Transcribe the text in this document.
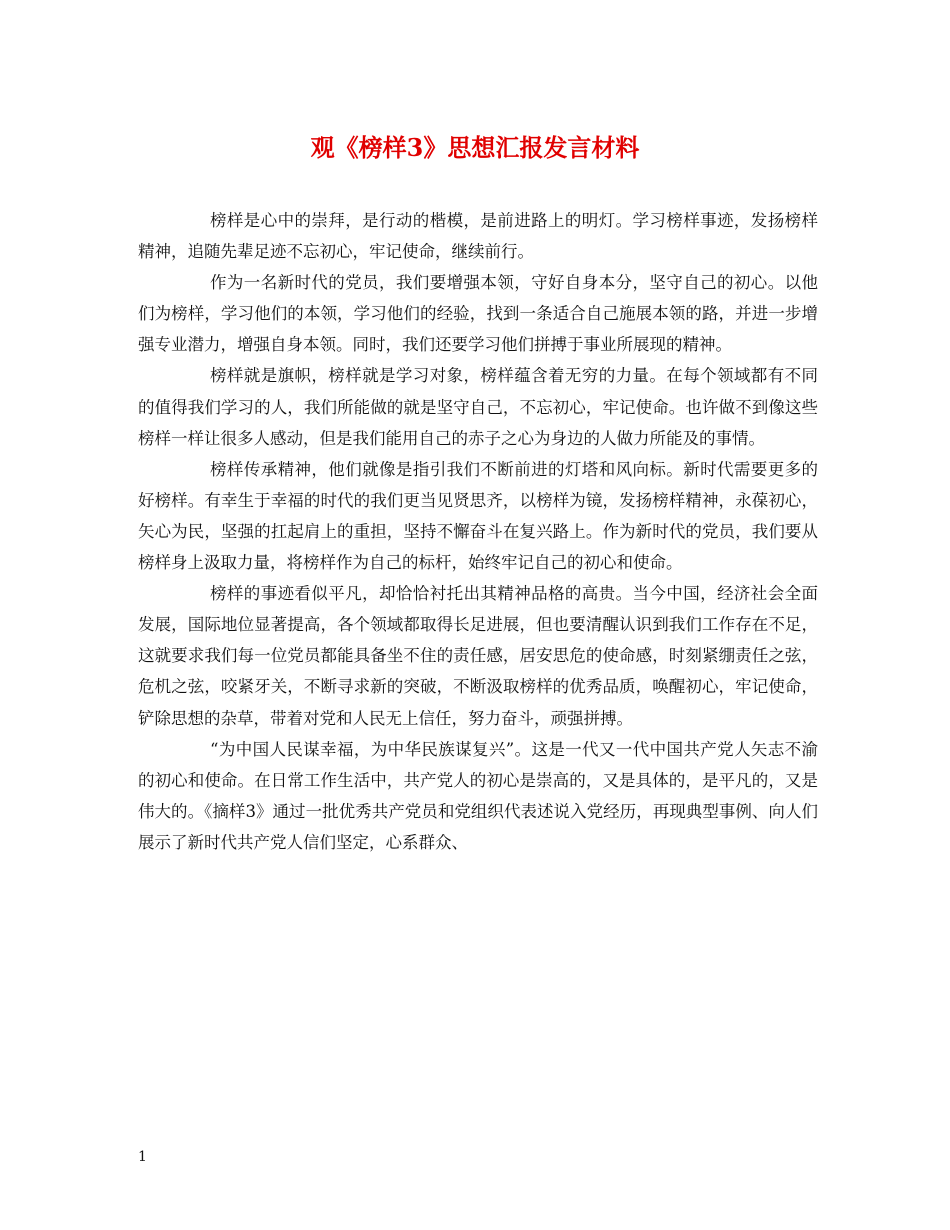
观《榜样3》思想汇报发言材料

榜样是心中的崇拜，是行动的楷模，是前进路上的明灯。学习榜样事迹，发扬榜样精神，追随先辈足迹不忘初心，牢记使命，继续前行。

作为一名新时代的党员，我们要增强本领，守好自身本分，坚守自己的初心。以他们为榜样，学习他们的本领，学习他们的经验，找到一条适合自己施展本领的路，并进一步增强专业潜力，增强自身本领。同时，我们还要学习他们拼搏于事业所展现的精神。

榜样就是旗帜，榜样就是学习对象，榜样蕴含着无穷的力量。在每个领域都有不同的值得我们学习的人，我们所能做的就是坚守自己，不忘初心，牢记使命。也许做不到像这些榜样一样让很多人感动，但是我们能用自己的赤子之心为身边的人做力所能及的事情。

榜样传承精神，他们就像是指引我们不断前进的灯塔和风向标。新时代需要更多的好榜样。有幸生于幸福的时代的我们更当见贤思齐，以榜样为镜，发扬榜样精神，永葆初心，矢心为民，坚强的扛起肩上的重担，坚持不懈奋斗在复兴路上。作为新时代的党员，我们要从榜样身上汲取力量，将榜样作为自己的标杆，始终牢记自己的初心和使命。

榜样的事迹看似平凡，却恰恰衬托出其精神品格的高贵。当今中国，经济社会全面发展，国际地位显著提高，各个领域都取得长足进展，但也要清醒认识到我们工作存在不足，这就要求我们每一位党员都能具备坐不住的责任感，居安思危的使命感，时刻紧绷责任之弦，危机之弦，咬紧牙关，不断寻求新的突破，不断汲取榜样的优秀品质，唤醒初心，牢记使命，铲除思想的杂草，带着对党和人民无上信任，努力奋斗，顽强拼搏。

“为中国人民谋幸福，为中华民族谋复兴”。这是一代又一代中国共产党人矢志不渝的初心和使命。在日常工作生活中，共产党人的初心是崇高的，又是具体的，是平凡的，又是伟大的。《摘样3》通过一批优秀共产党员和党组织代表述说入党经历，再现典型事例、向人们展示了新时代共产党人信们坚定，心系群众、

1
